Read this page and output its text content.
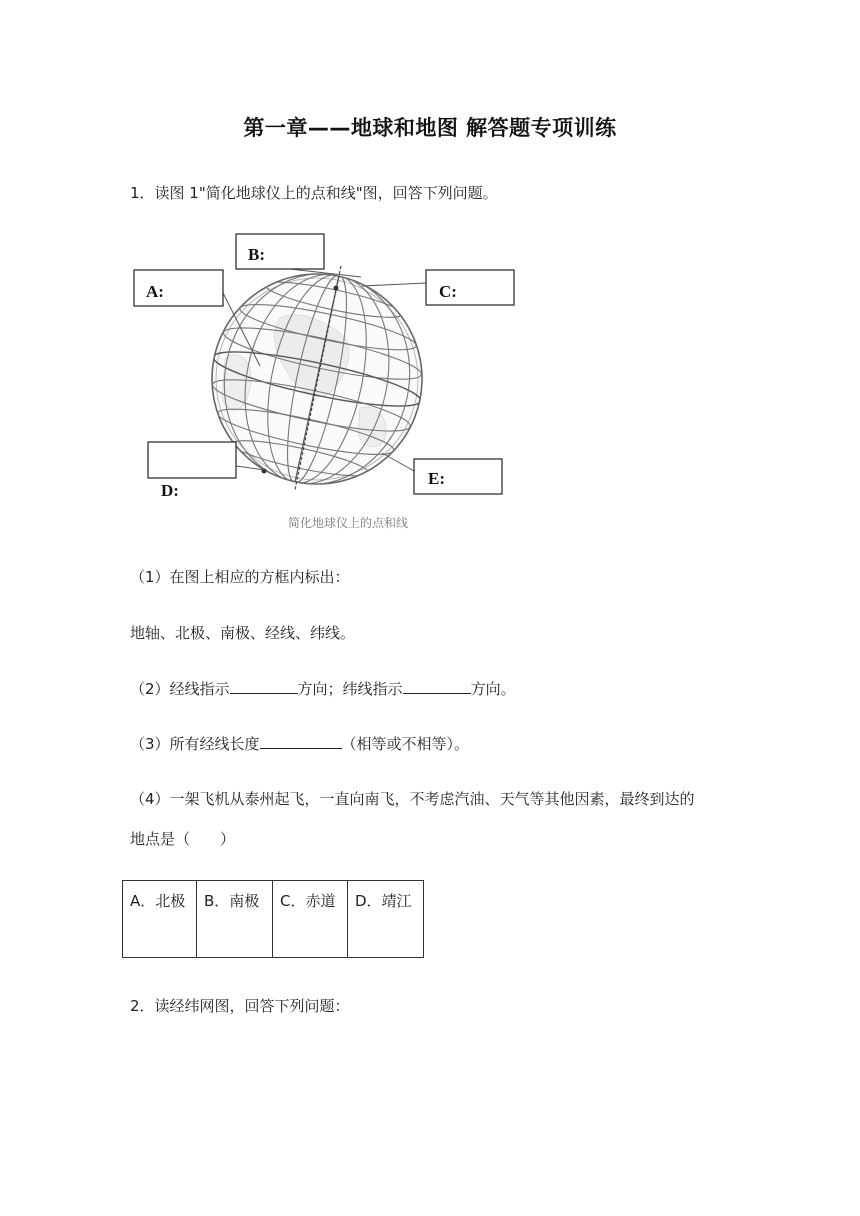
第一章——地球和地图 解答题专项训练
1．读图 1"简化地球仪上的点和线"图，回答下列问题。
B:
A:	C:
D:
E:
简化地球仪上的点和线
（1）在图上相应的方框内标出：
地轴、北极、南极、经线、纬线。
（2）经线指示	方向；纬线指示	方向。
（3）所有经线长度	（相等或不相等）。
（4）一架飞机从泰州起飞，一直向南飞，不考虑汽油、天气等其他因素，最终到达的
地点是（　　）
A．北极	B．南极	C．赤道	D．靖江
2．读经纬网图，回答下列问题：
